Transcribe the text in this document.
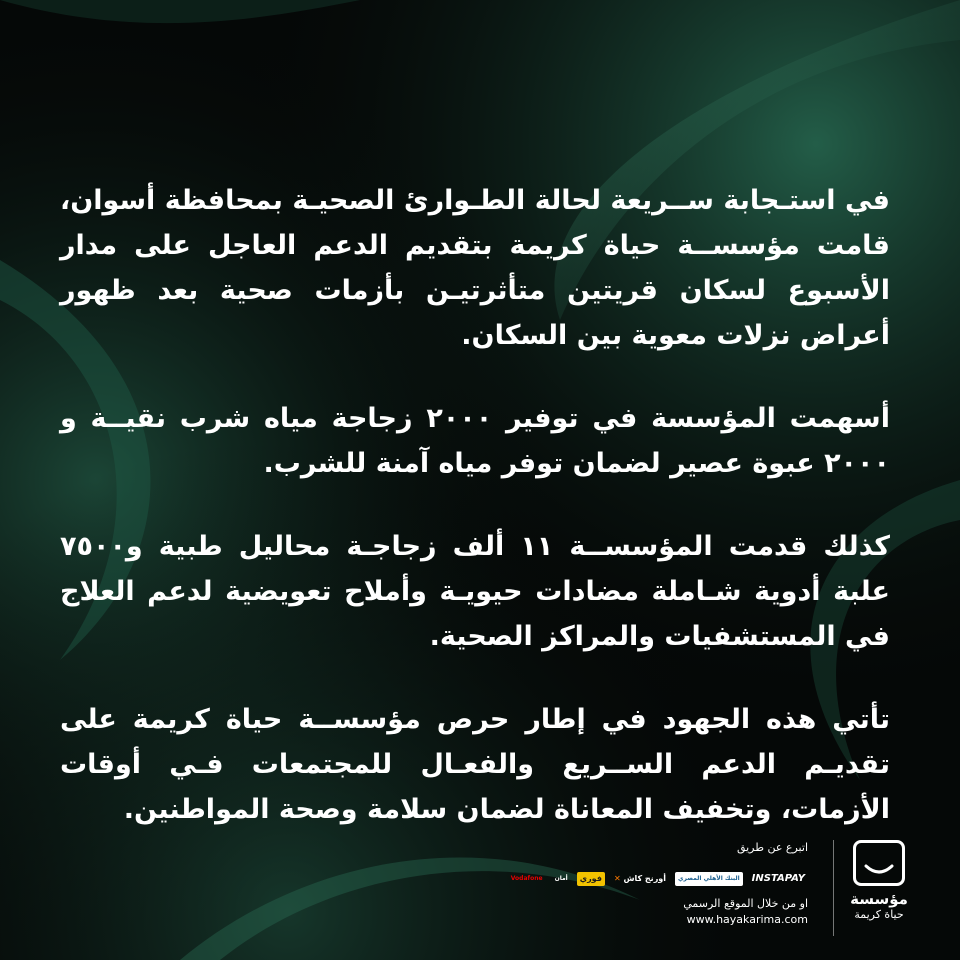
في استـجابة ســريعة لحالة الطـوارئ الصحيـة بمحافظة أسوان، قامت مؤسســة حياة كريمة بتقديم الدعم العاجل على مدار الأسبوع لسكان قريتين متأثرتيـن بأزمات صحية بعد ظهور أعراض نزلات معوية بين السكان.

أسهمت المؤسسة في توفير ٢٠٠٠ زجاجة مياه شرب نقيــة و ٢٠٠٠ عبوة عصير لضمان توفر مياه آمنة للشرب.

كذلك قدمت المؤسســة ١١ ألف زجاجـة محاليل طبية و٧٥٠٠ علبة أدوية شـاملة مضادات حيويـة وأملاح تعويضية لدعم العلاج في المستشفيات والمراكز الصحية.

تأتي هذه الجهود في إطار حرص مؤسســة حياة كريمة على تقديـم الدعم الســريع والفعـال للمجتمعات فـي أوقات الأزمات، وتخفيف المعاناة لضمان سلامة وصحة المواطنين.

مؤسسة
حياة كريمة
اتبرع عن طريق
Vodafone	أمان	فوري	✕ أورنج كاش	البنك الأهلي المصري	INSTAPAY
او من خلال الموقع الرسمي
www.hayakarima.com
